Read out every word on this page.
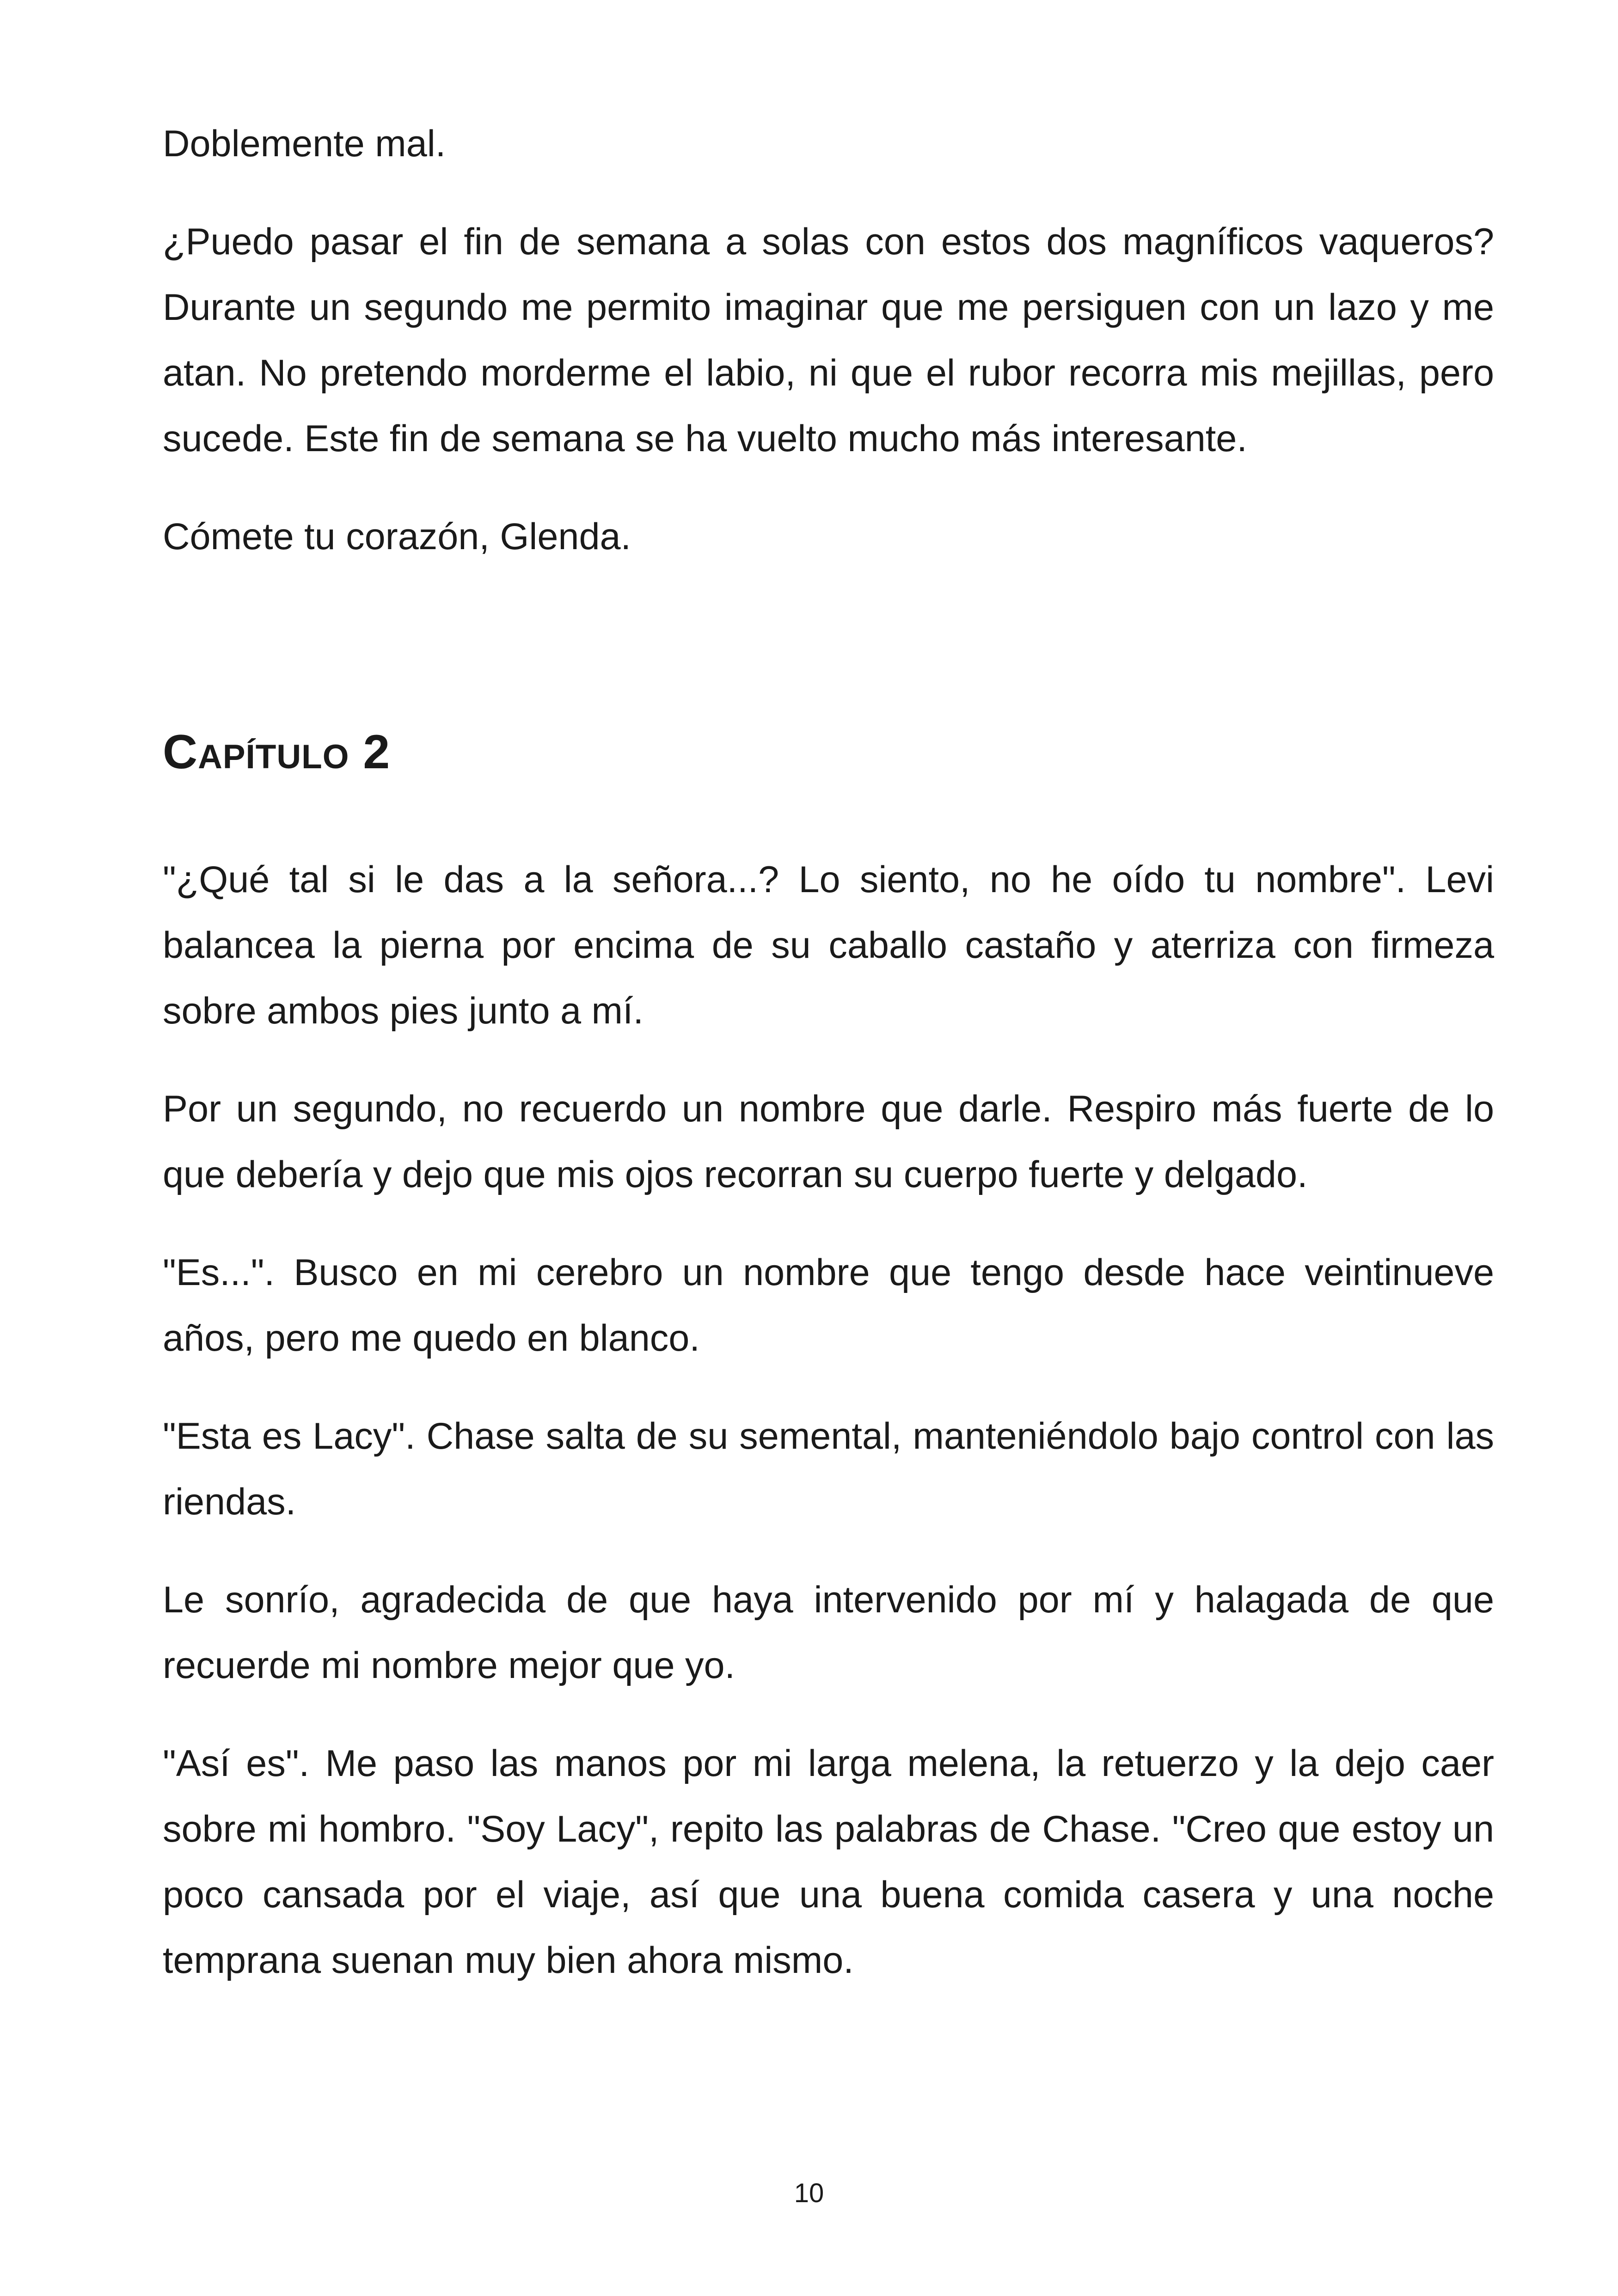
Doblemente mal.

¿Puedo pasar el fin de semana a solas con estos dos magníficos vaqueros? Durante un segundo me permito imaginar que me persiguen con un lazo y me atan. No pretendo morderme el labio, ni que el rubor recorra mis mejillas, pero sucede. Este fin de semana se ha vuelto mucho más interesante.

Cómete tu corazón, Glenda.

Capítulo 2

"¿Qué tal si le das a la señora...? Lo siento, no he oído tu nombre". Levi balancea la pierna por encima de su caballo castaño y aterriza con firmeza sobre ambos pies junto a mí.

Por un segundo, no recuerdo un nombre que darle. Respiro más fuerte de lo que debería y dejo que mis ojos recorran su cuerpo fuerte y delgado.

"Es...". Busco en mi cerebro un nombre que tengo desde hace veintinueve años, pero me quedo en blanco.

"Esta es Lacy". Chase salta de su semental, manteniéndolo bajo control con las riendas.

Le sonrío, agradecida de que haya intervenido por mí y halagada de que recuerde mi nombre mejor que yo.

"Así es". Me paso las manos por mi larga melena, la retuerzo y la dejo caer sobre mi hombro. "Soy Lacy", repito las palabras de Chase. "Creo que estoy un poco cansada por el viaje, así que una buena comida casera y una noche temprana suenan muy bien ahora mismo.

10
